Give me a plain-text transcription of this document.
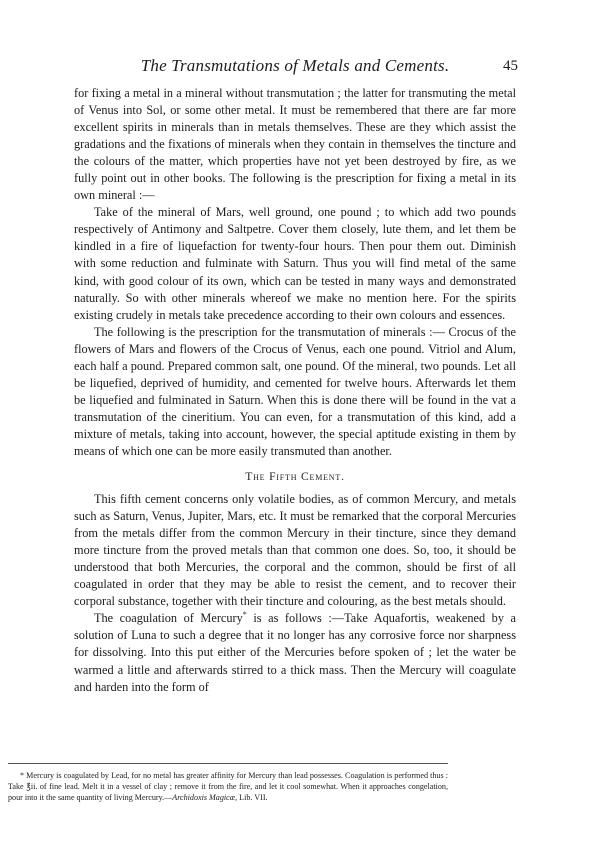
The Transmutations of Metals and Cements.	45

for fixing a metal in a mineral without transmutation ; the latter for transmuting the metal of Venus into Sol, or some other metal. It must be remembered that there are far more excellent spirits in minerals than in metals themselves. These are they which assist the gradations and the fixations of minerals when they contain in themselves the tincture and the colours of the matter, which properties have not yet been destroyed by fire, as we fully point out in other books. The following is the prescription for fixing a metal in its own mineral :—

Take of the mineral of Mars, well ground, one pound ; to which add two pounds respectively of Antimony and Saltpetre. Cover them closely, lute them, and let them be kindled in a fire of liquefaction for twenty-four hours. Then pour them out. Diminish with some reduction and fulminate with Saturn. Thus you will find metal of the same kind, with good colour of its own, which can be tested in many ways and demonstrated naturally. So with other minerals whereof we make no mention here. For the spirits existing crudely in metals take precedence according to their own colours and essences.

The following is the prescription for the transmutation of minerals :— Crocus of the flowers of Mars and flowers of the Crocus of Venus, each one pound. Vitriol and Alum, each half a pound. Prepared common salt, one pound. Of the mineral, two pounds. Let all be liquefied, deprived of humidity, and cemented for twelve hours. Afterwards let them be liquefied and fulminated in Saturn. When this is done there will be found in the vat a transmutation of the cineritium. You can even, for a transmutation of this kind, add a mixture of metals, taking into account, however, the special aptitude existing in them by means of which one can be more easily transmuted than another.

The Fifth Cement.

This fifth cement concerns only volatile bodies, as of common Mercury, and metals such as Saturn, Venus, Jupiter, Mars, etc. It must be remarked that the corporal Mercuries from the metals differ from the common Mercury in their tincture, since they demand more tincture from the proved metals than that common one does. So, too, it should be understood that both Mercuries, the corporal and the common, should be first of all coagulated in order that they may be able to resist the cement, and to recover their corporal substance, together with their tincture and colouring, as the best metals should.

The coagulation of Mercury* is as follows :—Take Aquafortis, weakened by a solution of Luna to such a degree that it no longer has any corrosive force nor sharpness for dissolving. Into this put either of the Mercuries before spoken of ; let the water be warmed a little and afterwards stirred to a thick mass. Then the Mercury will coagulate and harden into the form of

* Mercury is coagulated by Lead, for no metal has greater affinity for Mercury than lead possesses. Coagulation is performed thus : Take ℥ii. of fine lead. Melt it in a vessel of clay ; remove it from the fire, and let it cool somewhat. When it approaches congelation, pour into it the same quantity of living Mercury.—Archidoxis Magicæ, Lib. VII.
